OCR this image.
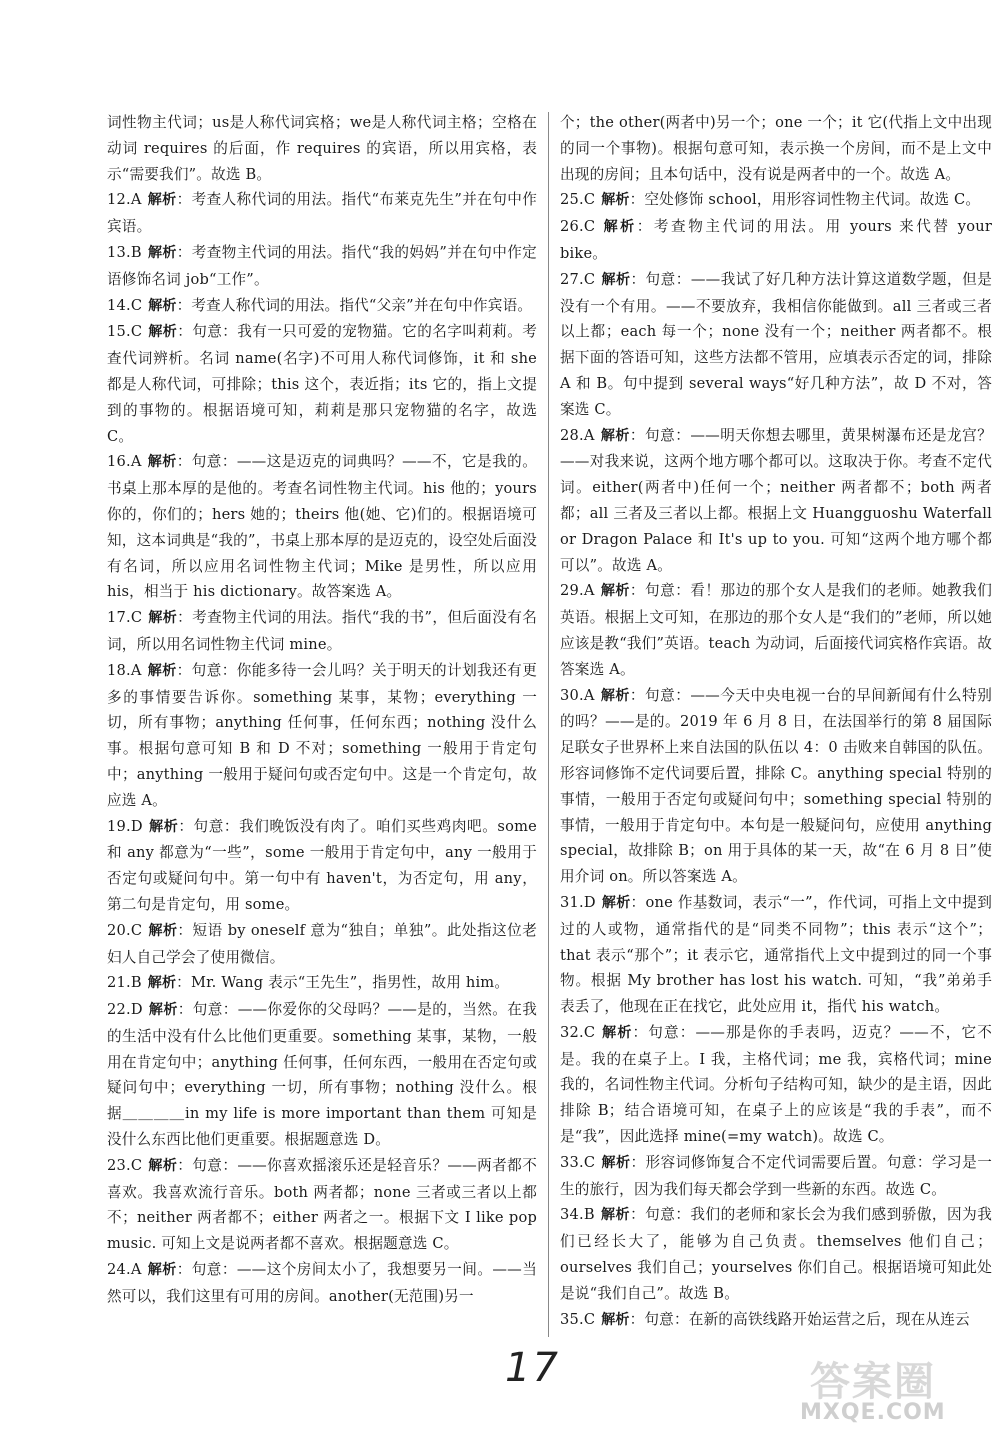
词性物主代词；us是人称代词宾格；we是人称代词主格；空格在动词 requires 的后面，作 requires 的宾语，所以用宾格，表示“需要我们”。故选 B。

12.A 解析：考查人称代词的用法。指代“布莱克先生”并在句中作宾语。

13.B 解析：考查物主代词的用法。指代“我的妈妈”并在句中作定语修饰名词 job“工作”。

14.C 解析：考查人称代词的用法。指代“父亲”并在句中作宾语。

15.C 解析：句意：我有一只可爱的宠物猫。它的名字叫莉莉。考查代词辨析。名词 name(名字)不可用人称代词修饰，it 和 she 都是人称代词，可排除；this 这个，表近指；its 它的，指上文提到的事物的。根据语境可知，莉莉是那只宠物猫的名字，故选 C。

16.A 解析：句意：——这是迈克的词典吗？——不，它是我的。书桌上那本厚的是他的。考查名词性物主代词。his 他的；yours 你的，你们的；hers 她的；theirs 他(她、它)们的。根据语境可知，这本词典是“我的”，书桌上那本厚的是迈克的，设空处后面没有名词，所以应用名词性物主代词；Mike 是男性，所以应用 his，相当于 his dictionary。故答案选 A。

17.C 解析：考查物主代词的用法。指代“我的书”，但后面没有名词，所以用名词性物主代词 mine。

18.A 解析：句意：你能多待一会儿吗？关于明天的计划我还有更多的事情要告诉你。something 某事，某物；everything 一切，所有事物；anything 任何事，任何东西；nothing 没什么事。根据句意可知 B 和 D 不对；something 一般用于肯定句中；anything 一般用于疑问句或否定句中。这是一个肯定句，故应选 A。

19.D 解析：句意：我们晚饭没有肉了。咱们买些鸡肉吧。some 和 any 都意为“一些”，some 一般用于肯定句中，any 一般用于否定句或疑问句中。第一句中有 haven't，为否定句，用 any，第二句是肯定句，用 some。

20.C 解析：短语 by oneself 意为“独自；单独”。此处指这位老妇人自己学会了使用微信。

21.B 解析：Mr. Wang 表示“王先生”，指男性，故用 him。

22.D 解析：句意：——你爱你的父母吗？——是的，当然。在我的生活中没有什么比他们更重要。something 某事，某物，一般用在肯定句中；anything 任何事，任何东西，一般用在否定句或疑问句中；everything 一切，所有事物；nothing 没什么。根据＿＿＿＿in my life is more important than them 可知是没什么东西比他们更重要。根据题意选 D。

23.C 解析：句意：——你喜欢摇滚乐还是轻音乐？——两者都不喜欢。我喜欢流行音乐。both 两者都；none 三者或三者以上都不；neither 两者都不；either 两者之一。根据下文 I like pop music. 可知上文是说两者都不喜欢。根据题意选 C。

24.A 解析：句意：——这个房间太小了，我想要另一间。——当然可以，我们这里有可用的房间。another(无范围)另一

个；the other(两者中)另一个；one 一个；it 它(代指上文中出现的同一个事物)。根据句意可知，表示换一个房间，而不是上文中出现的房间；且本句话中，没有说是两者中的一个。故选 A。

25.C 解析：空处修饰 school，用形容词性物主代词。故选 C。

26.C 解析：考查物主代词的用法。用 yours 来代替 your bike。

27.C 解析：句意：——我试了好几种方法计算这道数学题，但是没有一个有用。——不要放弃，我相信你能做到。all 三者或三者以上都；each 每一个；none 没有一个；neither 两者都不。根据下面的答语可知，这些方法都不管用，应填表示否定的词，排除 A 和 B。句中提到 several ways“好几种方法”，故 D 不对，答案选 C。

28.A 解析：句意：——明天你想去哪里，黄果树瀑布还是龙宫？——对我来说，这两个地方哪个都可以。这取决于你。考查不定代词。either(两者中)任何一个；neither 两者都不；both 两者都；all 三者及三者以上都。根据上文 Huangguoshu Waterfall or Dragon Palace 和 It's up to you. 可知“这两个地方哪个都可以”。故选 A。

29.A 解析：句意：看！那边的那个女人是我们的老师。她教我们英语。根据上文可知，在那边的那个女人是“我们的”老师，所以她应该是教“我们”英语。teach 为动词，后面接代词宾格作宾语。故答案选 A。

30.A 解析：句意：——今天中央电视一台的早间新闻有什么特别的吗？——是的。2019 年 6 月 8 日，在法国举行的第 8 届国际足联女子世界杯上来自法国的队伍以 4：0 击败来自韩国的队伍。形容词修饰不定代词要后置，排除 C。anything special 特别的事情，一般用于否定句或疑问句中；something special 特别的事情，一般用于肯定句中。本句是一般疑问句，应使用 anything special，故排除 B；on 用于具体的某一天，故“在 6 月 8 日”使用介词 on。所以答案选 A。

31.D 解析：one 作基数词，表示“一”，作代词，可指上文中提到过的人或物，通常指代的是“同类不同物”；this 表示“这个”；that 表示“那个”；it 表示它，通常指代上文中提到过的同一个事物。根据 My brother has lost his watch. 可知，“我”弟弟手表丢了，他现在正在找它，此处应用 it，指代 his watch。

32.C 解析：句意：——那是你的手表吗，迈克？——不，它不是。我的在桌子上。I 我，主格代词；me 我，宾格代词；mine 我的，名词性物主代词。分析句子结构可知，缺少的是主语，因此排除 B；结合语境可知，在桌子上的应该是“我的手表”，而不是“我”，因此选择 mine(=my watch)。故选 C。

33.C 解析：形容词修饰复合不定代词需要后置。句意：学习是一生的旅行，因为我们每天都会学到一些新的东西。故选 C。

34.B 解析：句意：我们的老师和家长会为我们感到骄傲，因为我们已经长大了，能够为自己负责。themselves 他们自己；ourselves 我们自己；yourselves 你们自己。根据语境可知此处是说“我们自己”。故选 B。

35.C 解析：句意：在新的高铁线路开始运营之后，现在从连云

17	答案圈
MXQE.COM
